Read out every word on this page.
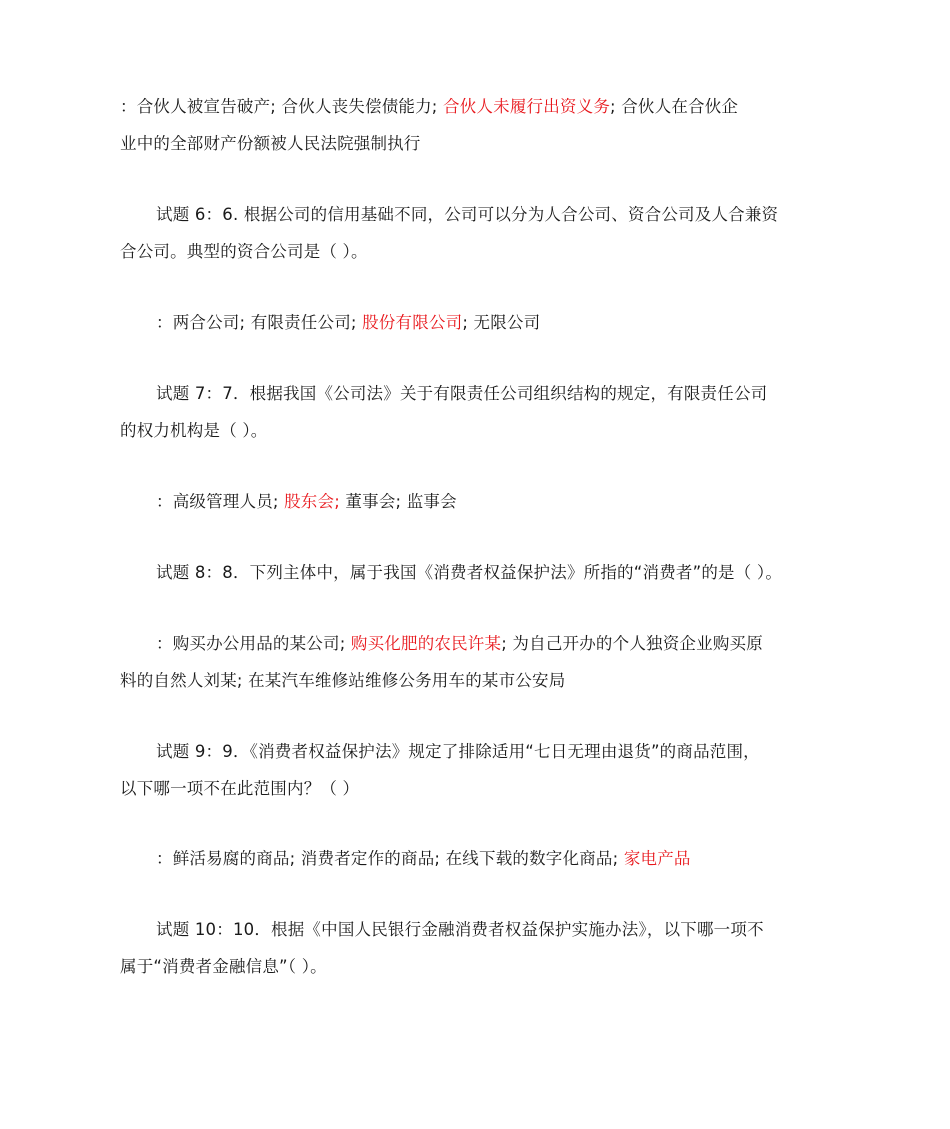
：合伙人被宣告破产; 合伙人丧失偿债能力; 合伙人未履行出资义务; 合伙人在合伙企
业中的全部财产份额被人民法院强制执行
试题 6：6. 根据公司的信用基础不同，公司可以分为人合公司、资合公司及人合兼资
合公司。典型的资合公司是（ ）。
：两合公司; 有限责任公司; 股份有限公司; 无限公司
试题 7：7．根据我国《公司法》关于有限责任公司组织结构的规定，有限责任公司
的权力机构是（ ）。
：高级管理人员; 股东会; 董事会; 监事会
试题 8：8．下列主体中，属于我国《消费者权益保护法》所指的“消费者”的是（ ）。
：购买办公用品的某公司; 购买化肥的农民许某; 为自己开办的个人独资企业购买原
料的自然人刘某; 在某汽车维修站维修公务用车的某市公安局
试题 9：9．《消费者权益保护法》规定了排除适用“七日无理由退货”的商品范围，
以下哪一项不在此范围内？（ ）
：鲜活易腐的商品; 消费者定作的商品; 在线下载的数字化商品; 家电产品
试题 10：10．根据《中国人民银行金融消费者权益保护实施办法》，以下哪一项不
属于“消费者金融信息”（ ）。
